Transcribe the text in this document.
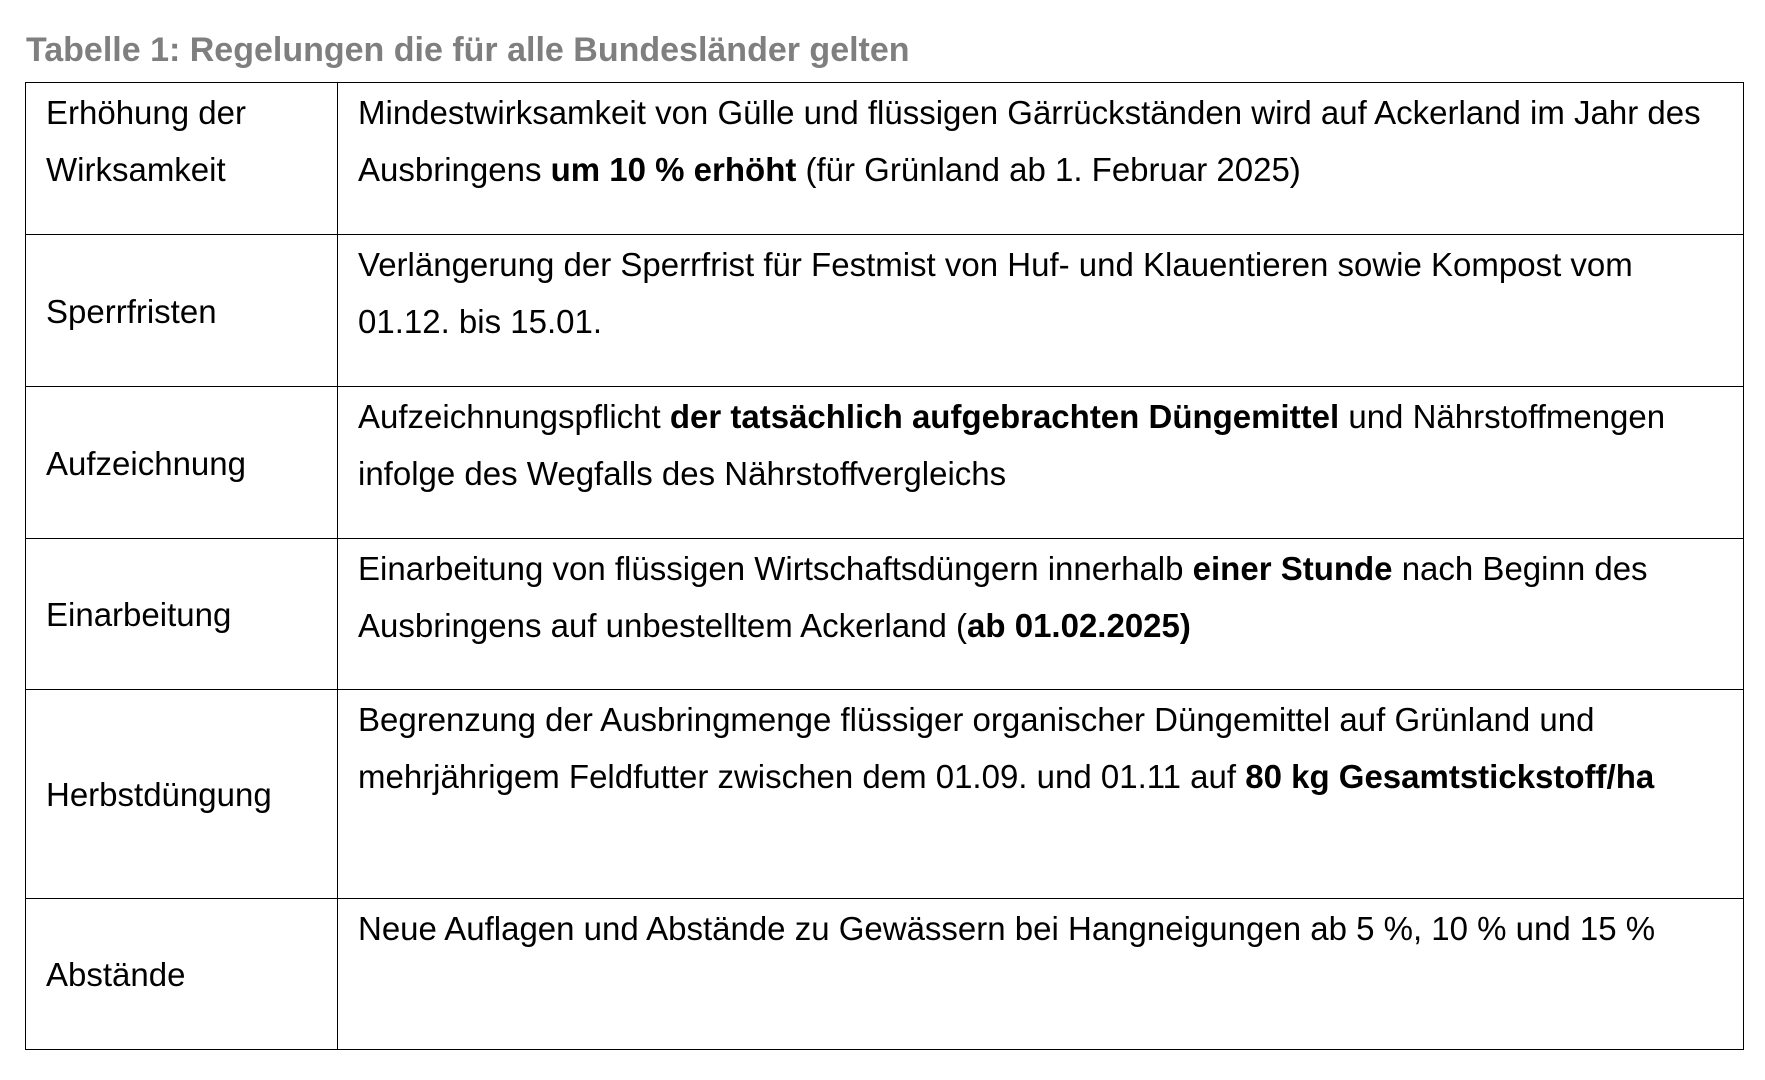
Tabelle 1: Regelungen die für alle Bundesländer gelten

Erhöhung der Wirksamkeit	Mindestwirksamkeit von Gülle und flüssigen Gärrückständen wird auf Ackerland im Jahr des Ausbringens um 10 % erhöht (für Grünland ab 1. Februar 2025)
Sperrfristen	Verlängerung der Sperrfrist für Festmist von Huf- und Klauentieren sowie Kompost vom 01.12. bis 15.01.
Aufzeichnung	Aufzeichnungspflicht der tatsächlich aufgebrachten Düngemittel und Nährstoffmengen infolge des Wegfalls des Nährstoffvergleichs
Einarbeitung	Einarbeitung von flüssigen Wirtschaftsdüngern innerhalb einer Stunde nach Beginn des Ausbringens auf unbestelltem Ackerland (ab 01.02.2025)
Herbstdüngung	Begrenzung der Ausbringmenge flüssiger organischer Düngemittel auf Grünland und mehrjährigem Feldfutter zwischen dem 01.09. und 01.11 auf 80 kg Gesamtstickstoff/ha
Abstände	Neue Auflagen und Abstände zu Gewässern bei Hangneigungen ab 5 %, 10 % und 15 %
